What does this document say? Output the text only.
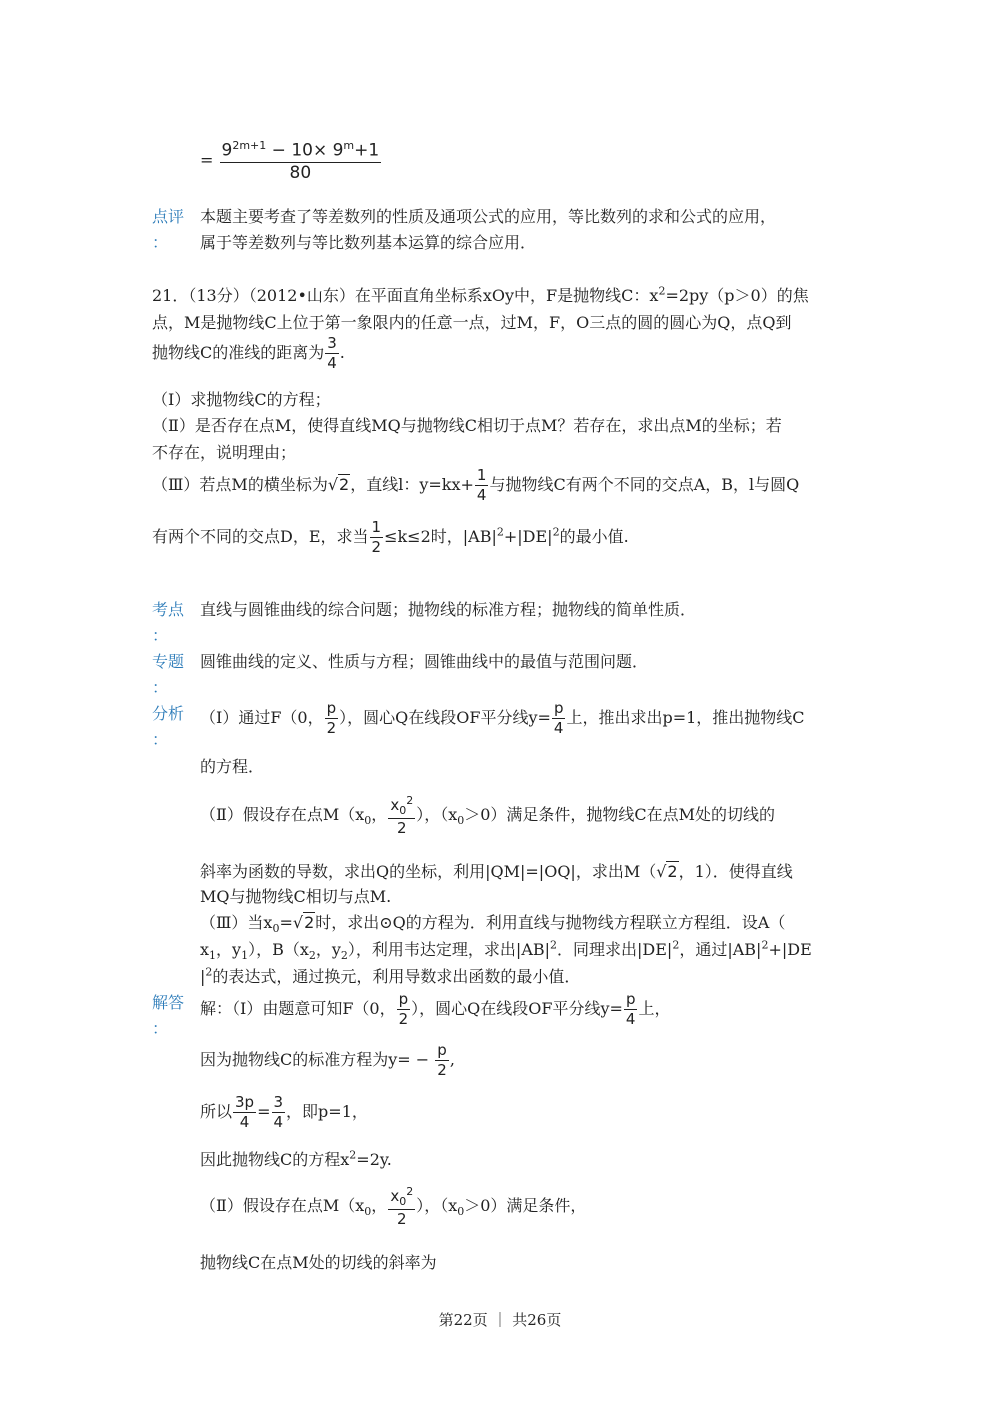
= $\frac{9^{2m+1} - 10\times 9^m+1}{80}$
点评
：
本题主要考查了等差数列的性质及通项公式的应用，等比数列的求和公式的应用，
属于等差数列与等比数列基本运算的综合应用．
21．（13分）（2012•山东）在平面直角坐标系xOy中，F是抛物线C：$x^2=2py(p>0)$的焦
点，M是抛物线C上位于第一象限内的任意一点，过M，F，O三点的圆的圆心为Q，点Q到
抛物线C的准线的距离为 $\frac{3}{4}$ .
（Ⅰ）求抛物线C的方程；
（Ⅱ）是否存在点M，使得直线MQ与抛物线C相切于点M？若存在，求出点M的坐标；若
不存在，说明理由；
（Ⅲ）若点M的横坐标为√2，直线l：$y=kx+ \frac{1}{4}$ 与抛物线C有两个不同的交点A，B，l与圆Q
有两个不同的交点D，E，求当 $\frac{1}{2} \le k\le 2$时，$|AB|^2+|DE|^2$的最小值.
考点
：
直线与圆锥曲线的综合问题；抛物线的标准方程；抛物线的简单性质．
专题
：
圆锥曲线的定义、性质与方程；圆锥曲线中的最值与范围问题．
分析
：
（Ⅰ）通过F（0， $\frac{p}{2}$ ），圆心Q在线段OF平分线$y= \frac{p}{4}$ 上，推出求出p=1，推出抛物线C
的方程．
（Ⅱ）假设存在点$M(x_0$， $\frac{x_0^2}{2}$ ），$(x_0>0)$满足条件，抛物线C在点M处的切线的
斜率为函数的导数，求出Q的坐标，利用|QM|=|OQ|，求出M（√2，1）．使得直线
MQ与抛物线C相切与点M.
（Ⅲ）当$x_0=√2$时，求出⊙Q的方程为．利用直线与抛物线方程联立方程组．设A（
$x_1$，$y_1$），$B(x_2$，$y_2$），利用韦达定理，求出$|AB|^2$．同理求出$|DE|^2$，通过$|AB|^2+|DE$
$|^2$的表达式，通过换元，利用导数求出函数的最小值．
解答
：
解：（Ⅰ）由题意可知F（0， $\frac{p}{2}$ ），圆心Q在线段OF平分线$y= \frac{p}{4}$ 上，
因为抛物线C的标准方程为$y= - \frac{p}{2}$ ,
所以 $\frac{3p}{4} = \frac{3}{4}$ ，即p=1，
因此抛物线C的方程$x^2=2y$.
（Ⅱ）假设存在点$M(x_0$， $\frac{x_0^2}{2}$ ），$(x_0>0)$满足条件，
抛物线C在点M处的切线的斜率为
第22页 ｜ 共26页
